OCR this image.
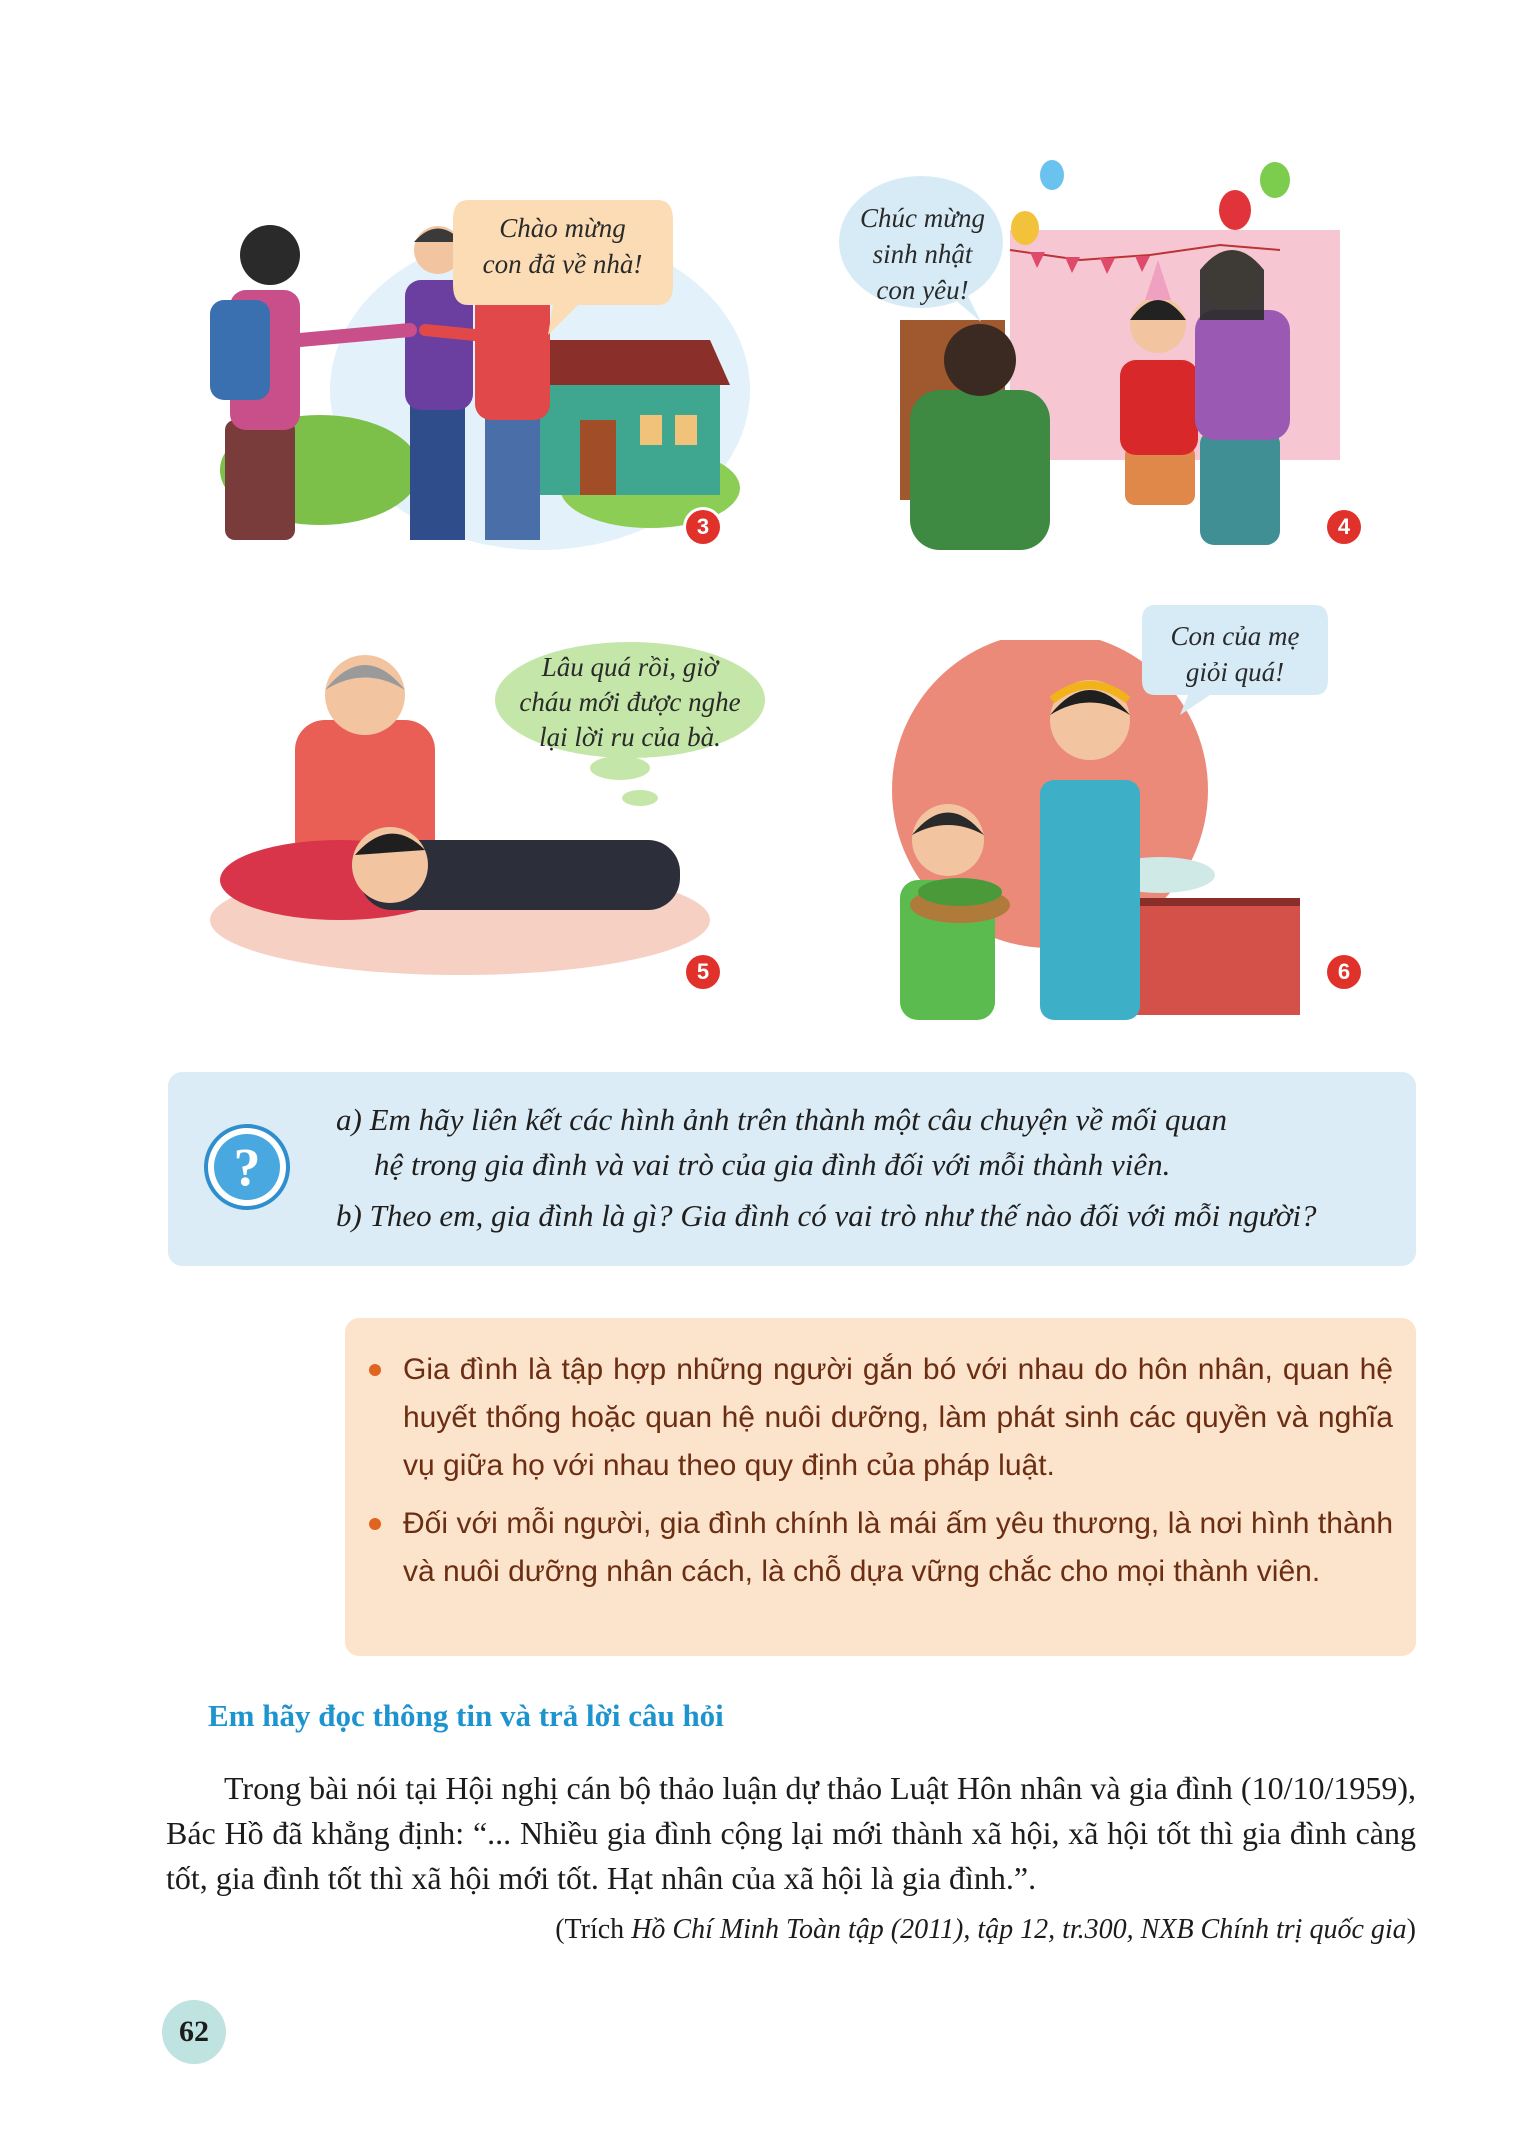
Chào mừng
con đã về nhà!
3
Chúc mừng
sinh nhật
con yêu!
4
Lâu quá rồi, giờ
cháu mới được nghe
lại lời ru của bà.
5
Con của mẹ
giỏi quá!
6
?
a) Em hãy liên kết các hình ảnh trên thành một câu chuyện về mối quan
hệ trong gia đình và vai trò của gia đình đối với mỗi thành viên.
b) Theo em, gia đình là gì? Gia đình có vai trò như thế nào đối với mỗi người?
Gia đình là tập hợp những người gắn bó với nhau do hôn nhân, quan hệ huyết thống hoặc quan hệ nuôi dưỡng, làm phát sinh các quyền và nghĩa vụ giữa họ với nhau theo quy định của pháp luật.
Đối với mỗi người, gia đình chính là mái ấm yêu thương, là nơi hình thành và nuôi dưỡng nhân cách, là chỗ dựa vững chắc cho mọi thành viên.
Em hãy đọc thông tin và trả lời câu hỏi
Trong bài nói tại Hội nghị cán bộ thảo luận dự thảo Luật Hôn nhân và gia đình (10/10/1959), Bác Hồ đã khẳng định: “... Nhiều gia đình cộng lại mới thành xã hội, xã hội tốt thì gia đình càng tốt, gia đình tốt thì xã hội mới tốt. Hạt nhân của xã hội là gia đình.”.
(Trích Hồ Chí Minh Toàn tập (2011), tập 12, tr.300, NXB Chính trị quốc gia)
62
